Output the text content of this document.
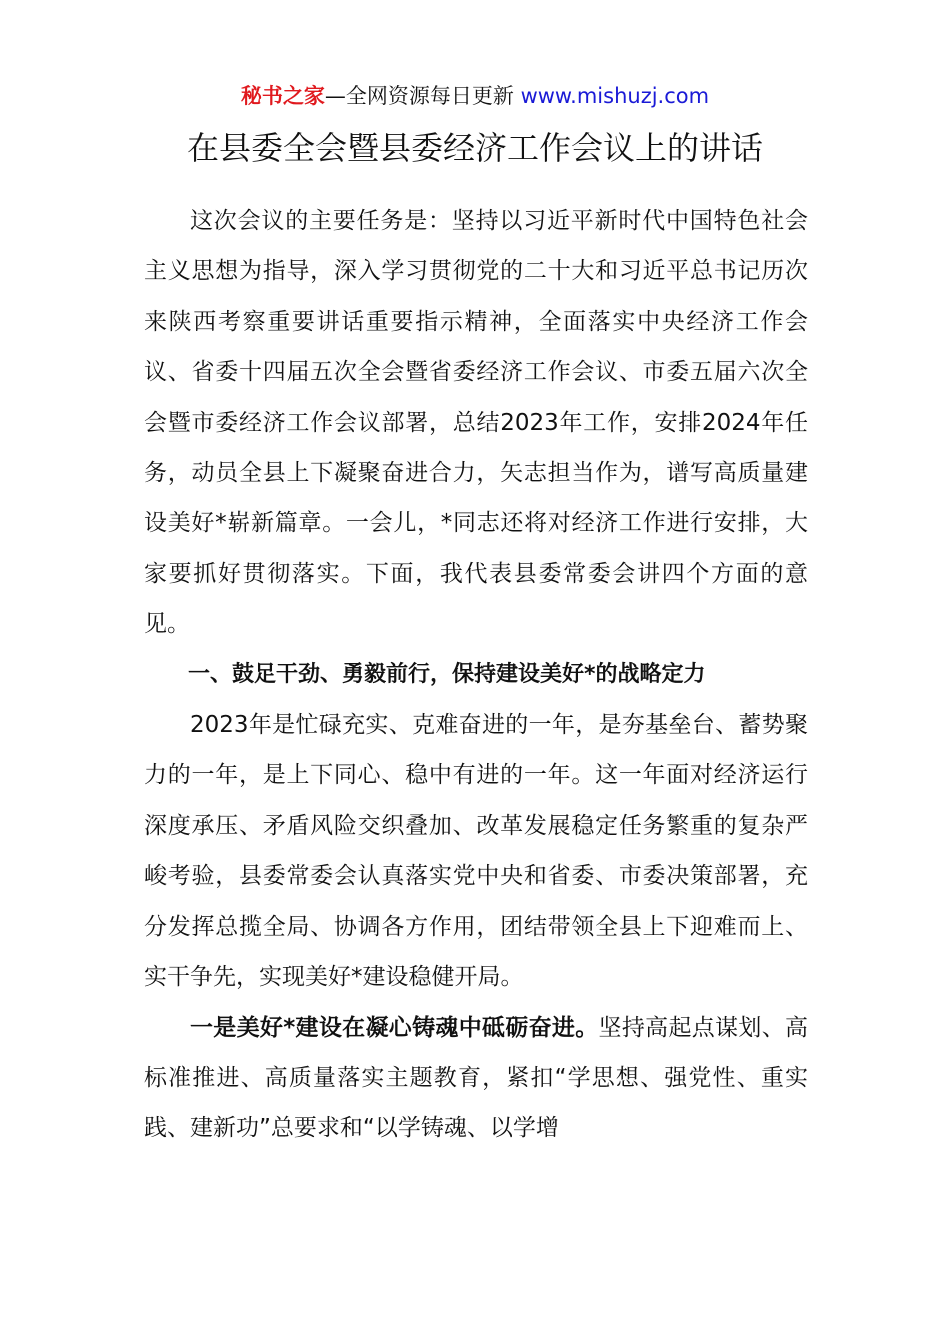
秘书之家—全网资源每日更新 www.mishuzj.com
在县委全会暨县委经济工作会议上的讲话

这次会议的主要任务是：坚持以习近平新时代中国特色社会主义思想为指导，深入学习贯彻党的二十大和习近平总书记历次来陕西考察重要讲话重要指示精神，全面落实中央经济工作会议、省委十四届五次全会暨省委经济工作会议、市委五届六次全会暨市委经济工作会议部署，总结2023年工作，安排2024年任务，动员全县上下凝聚奋进合力，矢志担当作为，谱写高质量建设美好*崭新篇章。一会儿，*同志还将对经济工作进行安排，大家要抓好贯彻落实。下面，我代表县委常委会讲四个方面的意见。

一、鼓足干劲、勇毅前行，保持建设美好*的战略定力

2023年是忙碌充实、克难奋进的一年，是夯基垒台、蓄势聚力的一年，是上下同心、稳中有进的一年。这一年面对经济运行深度承压、矛盾风险交织叠加、改革发展稳定任务繁重的复杂严峻考验，县委常委会认真落实党中央和省委、市委决策部署，充分发挥总揽全局、协调各方作用，团结带领全县上下迎难而上、实干争先，实现美好*建设稳健开局。

一是美好*建设在凝心铸魂中砥砺奋进。坚持高起点谋划、高标准推进、高质量落实主题教育，紧扣“学思想、强党性、重实践、建新功”总要求和“以学铸魂、以学增
